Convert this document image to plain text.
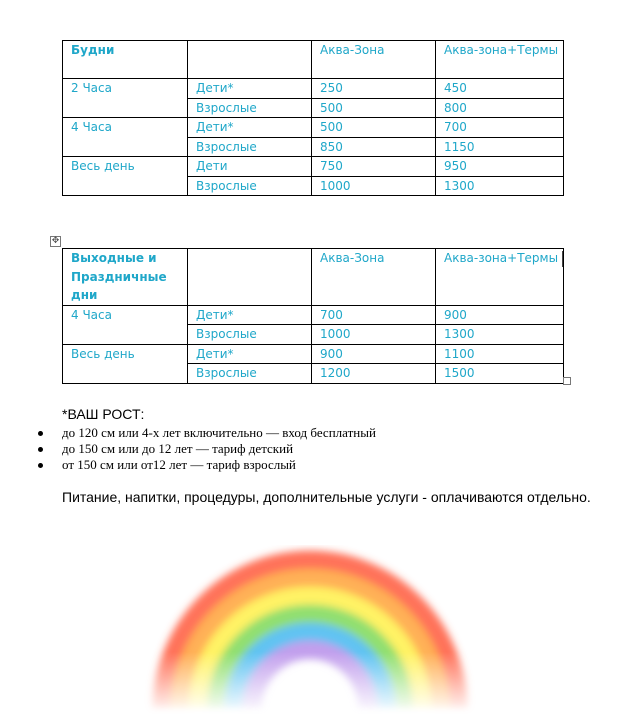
Будни		Аква-Зона	Аква-зона+Термы
2 Часа	Дети*	250	450
	Взрослые	500	800
4 Часа	Дети*	500	700
	Взрослые	850	1150
Весь день	Дети	750	950
	Взрослые	1000	1300
✥
Выходные и Праздничные дни		Аква-Зона	Аква-зона+Термы
4 Часа	Дети*	700	900
	Взрослые	1000	1300
Весь день	Дети*	900	1100
	Взрослые	1200	1500
*ВАШ РОСТ:
до 120 см или 4-х лет включительно — вход бесплатный
до 150 см или до 12 лет — тариф детский
от 150 см или от12 лет — тариф взрослый
Питание, напитки, процедуры, дополнительные услуги - оплачиваются отдельно.
